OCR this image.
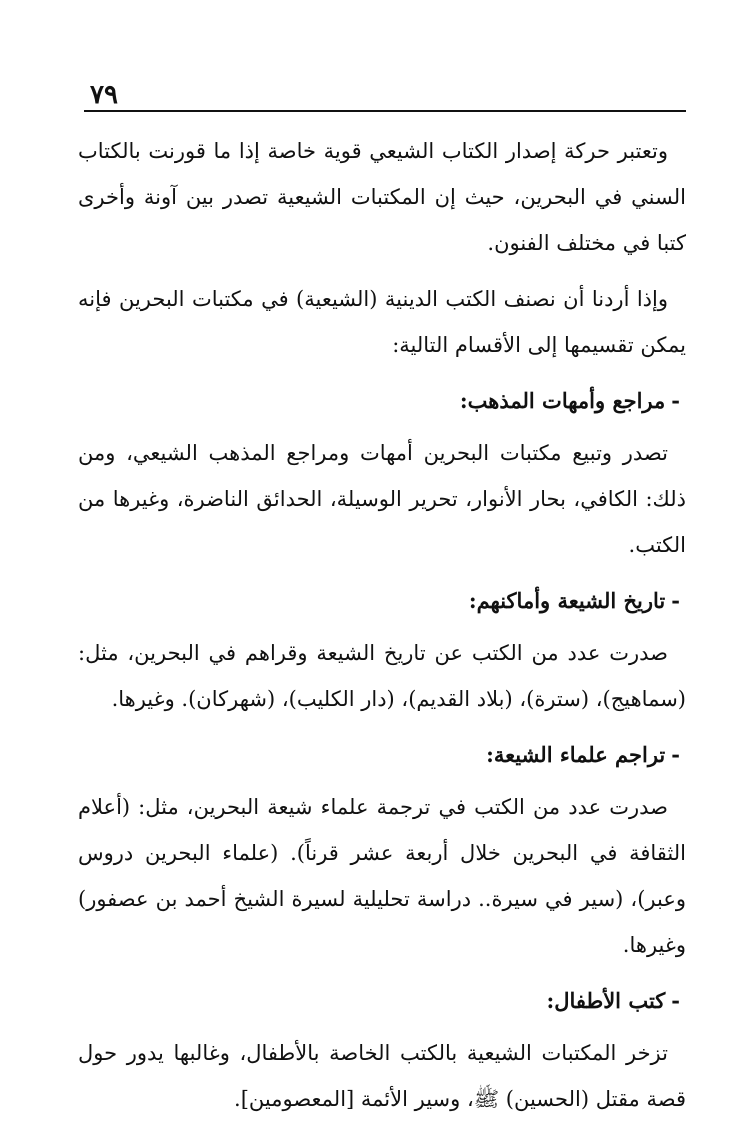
٧٩

وتعتبر حركة إصدار الكتاب الشيعي قوية خاصة إذا ما قورنت بالكتاب السني في البحرين، حيث إن المكتبات الشيعية تصدر بين آونة وأخرى كتبا في مختلف الفنون.

وإذا أردنا أن نصنف الكتب الدينية (الشيعية) في مكتبات البحرين فإنه يمكن تقسيمها إلى الأقسام التالية:

-مراجع وأمهات المذهب:

تصدر وتبيع مكتبات البحرين أمهات ومراجع المذهب الشيعي، ومن ذلك: الكافي، بحار الأنوار، تحرير الوسيلة، الحدائق الناضرة، وغيرها من الكتب.

-تاريخ الشيعة وأماكنهم:

صدرت عدد من الكتب عن تاريخ الشيعة وقراهم في البحرين، مثل: (سماهيج)، (سترة)، (بلاد القديم)، (دار الكليب)، (شهركان). وغيرها.

-تراجم علماء الشيعة:

صدرت عدد من الكتب في ترجمة علماء شيعة البحرين، مثل: (أعلام الثقافة في البحرين خلال أربعة عشر قرناً). (علماء البحرين دروس وعبر)، (سير في سيرة.. دراسة تحليلية لسيرة الشيخ أحمد بن عصفور) وغيرها.

-كتب الأطفال:

تزخر المكتبات الشيعية بالكتب الخاصة بالأطفال، وغالبها يدور حول قصة مقتل (الحسين) ﷺ، وسير الأئمة [المعصومين].
